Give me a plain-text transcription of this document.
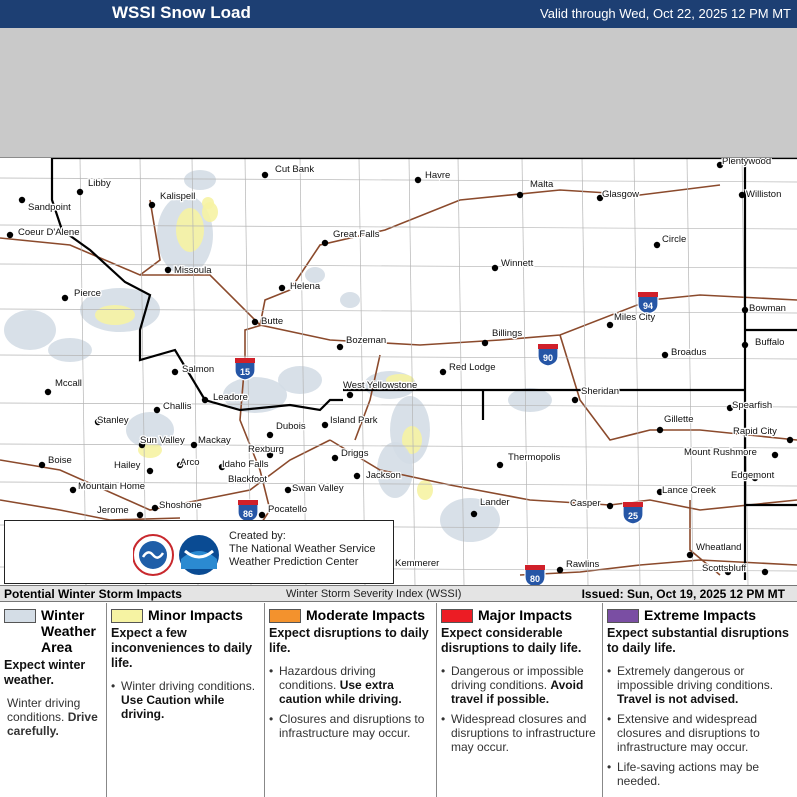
WSSI Snow Load	Valid through Wed, Oct 22, 2025 12 PM MT
15
90
94
86	25
80
Plentywood
Cut Bank
Havre
Libby	Malta
Glasgow	Williston
Kalispell
Sandpoint
Coeur D'Alene	Great Falls	Circle
Missoula
Winnett
Helena
Pierce
Bowman
Butte	Miles City
Billings
Bozeman	Buffalo
Broadus
Salmon	Red Lodge
Mccall	West Yellowstone
Sheridan
Leadore
Challis	Spearfish
Stanley	Island Park
Dubois
Gillette
Rapid City
Mackay
Sun Valley
Mount Rushmore
Rexburg	Driggs
Arco	Thermopolis
Hailey
Boise	Idaho Falls
Edgemont
Jackson
Blackfoot
Mountain Home	Swan Valley	Lance Creek
Shoshone	Lander	Casper
Jerome	Pocatello
Wheatland
Rawlins	Scottsbluff
Kemmerer
Created by:
The National Weather Service
Weather Prediction Center
Potential Winter Storm Impacts	Winter Storm Severity Index (WSSI)	Issued: Sun, Oct 19, 2025 12 PM MT
Winter Weather Area
Expect winter weather.
Winter driving conditions. Drive carefully.
Minor Impacts
Expect a few inconveniences to daily life.
• Winter driving conditions. Use Caution while driving.
Moderate Impacts
Expect disruptions to daily life.
• Hazardous driving conditions. Use extra caution while driving.
• Closures and disruptions to infrastructure may occur.
Major Impacts
Expect considerable disruptions to daily life.
• Dangerous or impossible driving conditions. Avoid travel if possible.
• Widespread closures and disruptions to infrastructure may occur.
Extreme Impacts
Expect substantial disruptions to daily life.
• Extremely dangerous or impossible driving conditions. Travel is not advised.
• Extensive and widespread closures and disruptions to infrastructure may occur.
• Life-saving actions may be needed.
